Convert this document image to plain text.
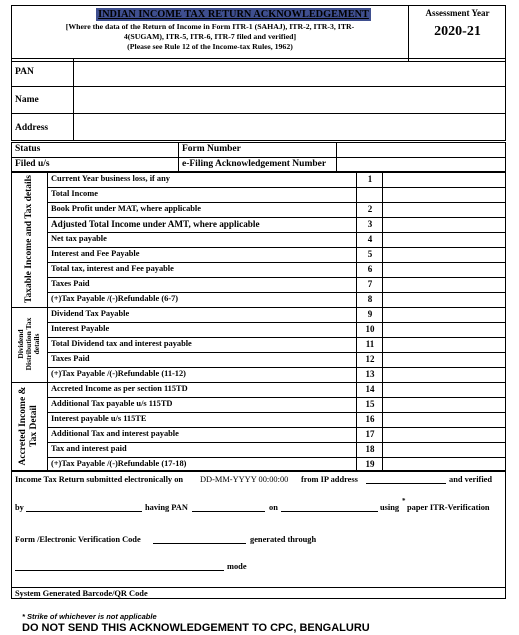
INDIAN INCOME TAX RETURN ACKNOWLEDGEMENT
[Where the data of the Return of Income in Form ITR-1 (SAHAJ), ITR-2, ITR-3, ITR-
4(SUGAM), ITR-5, ITR-6, ITR-7 filed and verified]
(Please see Rule 12 of the Income-tax Rules, 1962)
Assessment Year
2020-21
PAN
Name
Address
Status	Form Number
Filed u/s	e-Filing Acknowledgement Number
Current Year business loss, if any	1
Total Income
Book Profit under MAT, where applicable	2
Adjusted Total Income under AMT, where applicable	3
Net tax payable	4
Interest and Fee Payable	5
Total tax, interest and Fee payable	6
Taxes Paid	7
(+)Tax Payable /(-)Refundable (6-7)	8
Dividend Tax Payable	9
Interest Payable	10
Total Dividend tax and interest payable	11
Taxes Paid	12
(+)Tax Payable /(-)Refundable (11-12)	13
Accreted Income as per section 115TD	14
Additional Tax payable u/s 115TD	15
Interest payable u/s 115TE	16
Additional Tax and interest payable	17
Tax and interest paid	18
(+)Tax Payable /(-)Refundable (17-18)	19
Taxable Income and Tax details
Dividend Distribution Tax details
Accreted Income & Tax Detail
Income Tax Return submitted electronically on DD-MM-YYYY 00:00:00 from IP address	and verified
by	having PAN	on	using
*
paper ITR-Verification
Form /Electronic Verification Code	generated through
mode
System Generated Barcode/QR Code
* Strike of whichever is not applicable
DO NOT SEND THIS ACKNOWLEDGEMENT TO CPC, BENGALURU
